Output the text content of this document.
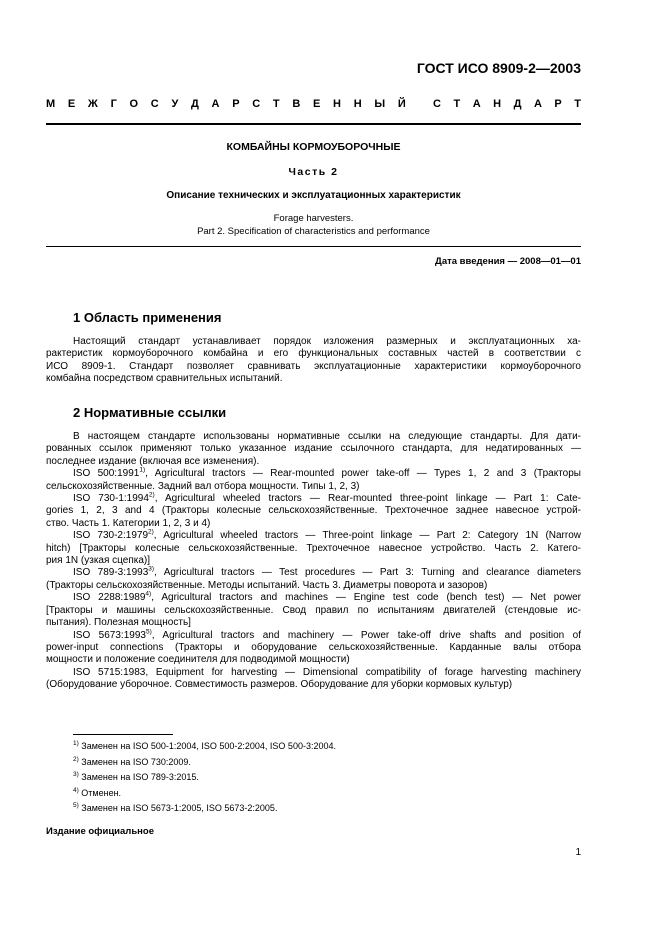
ГОСТ ИСО 8909-2—2003
М Е Ж Г О С У Д А Р С Т В Е Н Н Ы Й С Т А Н Д А Р Т
КОМБАЙНЫ КОРМОУБОРОЧНЫЕ
Часть 2
Описание технических и эксплуатационных характеристик
Forage harvesters.
Part 2. Specification of characteristics and performance
Дата введения — 2008—01—01
1 Область применения

Настоящий стандарт устанавливает порядок изложения размерных и эксплуатационных ха-

рактеристик кормоуборочного комбайна и его функциональных составных частей в соответствии с

ИСО 8909-1. Стандарт позволяет сравнивать эксплуатационные характеристики кормоуборочного

комбайна посредством сравнительных испытаний.

2 Нормативные ссылки

В настоящем стандарте использованы нормативные ссылки на следующие стандарты. Для дати-

рованных ссылок применяют только указанное издание ссылочного стандарта, для недатированных —

последнее издание (включая все изменения).

ISO 500:1991$^{1)}$, Agricultural tractors — Rear-mounted power take-off — Types 1, 2 and 3 (Тракторы

сельскохозяйственные. Задний вал отбора мощности. Типы 1, 2, 3)

ISO 730-1:1994$^{2)}$, Agricultural wheeled tractors — Rear-mounted three-point linkage — Part 1: Cate-

gories 1, 2, 3 and 4 (Тракторы колесные сельскохозяйственные. Трехточечное заднее навесное устрой-

ство. Часть 1. Категории 1, 2, 3 и 4)

ISO 730-2:1979$^{2)}$, Agricultural wheeled tractors — Three-point linkage — Part 2: Category 1N (Narrow

hitch) [Тракторы колесные сельскохозяйственные. Трехточечное навесное устройство. Часть 2. Катего-

рия 1N (узкая сцепка)]

ISO 789-3:1993$^{3)}$, Agricultural tractors — Test procedures — Part 3: Turning and clearance diameters

(Тракторы сельскохозяйственные. Методы испытаний. Часть 3. Диаметры поворота и зазоров)

ISO 2288:1989$^{4)}$, Agricultural tractors and machines — Engine test code (bench test) — Net power

[Тракторы и машины сельскохозяйственные. Свод правил по испытаниям двигателей (стендовые ис-

пытания). Полезная мощность]

ISO 5673:1993$^{5)}$, Agricultural tractors and machinery — Power take-off drive shafts and position of

power-input connections (Тракторы и оборудование сельскохозяйственные. Карданные валы отбора

мощности и положение соединителя для подводимой мощности)

ISO 5715:1983, Equipment for harvesting — Dimensional compatibility of forage harvesting machinery

(Оборудование уборочное. Совместимость размеров. Оборудование для уборки кормовых культур)

$^{1)}$ Заменен на ISO 500-1:2004, ISO 500-2:2004, ISO 500-3:2004.
$^{2)}$ Заменен на ISO 730:2009.
$^{3)}$ Заменен на ISO 789-3:2015.
$^{4)}$ Отменен.
$^{5)}$ Заменен на ISO 5673-1:2005, ISO 5673-2:2005.
Издание официальное
1
